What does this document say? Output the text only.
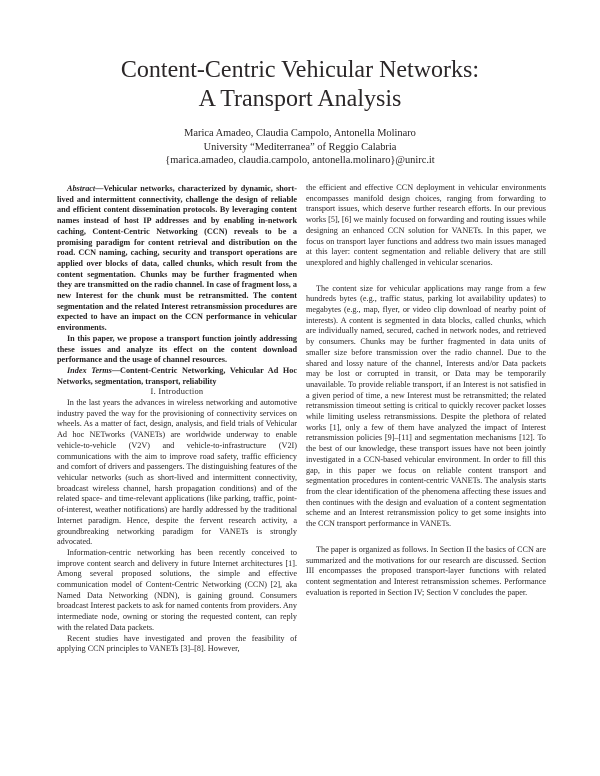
Content-Centric Vehicular Networks:
A Transport Analysis
Marica Amadeo, Claudia Campolo, Antonella Molinaro
University “Mediterranea” of Reggio Calabria
{marica.amadeo, claudia.campolo, antonella.molinaro}@unirc.it

Abstract—Vehicular networks, characterized by dynamic, short-lived and intermittent connectivity, challenge the design of reliable and efficient content dissemination protocols. By leveraging content names instead of host IP addresses and by enabling in-network caching, Content-Centric Networking (CCN) reveals to be a promising paradigm for content retrieval and distribution on the road. CCN naming, caching, security and transport operations are applied over blocks of data, called chunks, which result from the content segmentation. Chunks may be further fragmented when they are transmitted on the radio channel. In case of fragment loss, a new Interest for the chunk must be retransmitted. The content segmentation and the related Interest retransmission procedures are expected to have an impact on the CCN performance in vehicular environments.

In this paper, we propose a transport function jointly addressing these issues and analyze its effect on the content download performance and the usage of channel resources.

Index Terms—Content-Centric Networking, Vehicular Ad Hoc Networks, segmentation, transport, reliability

I. Introduction

In the last years the advances in wireless networking and automotive industry paved the way for the provisioning of connectivity services on wheels. As a matter of fact, design, analysis, and field trials of Vehicular Ad hoc NETworks (VANETs) are worldwide underway to enable vehicle-to-vehicle (V2V) and vehicle-to-infrastructure (V2I) communications with the aim to improve road safety, traffic efficiency and comfort of drivers and passengers. The distinguishing features of the vehicular networks (such as short-lived and intermittent connectivity, broadcast wireless channel, harsh propagation conditions) and of the related space- and time-relevant applications (like parking, traffic, point-of-interest, weather notifications) are hardly addressed by the traditional Internet paradigm. Hence, despite the fervent research activity, a groundbreaking networking paradigm for VANETs is strongly advocated.

Information-centric networking has been recently conceived to improve content search and delivery in future Internet architectures [1]. Among several proposed solutions, the simple and effective communication model of Content-Centric Networking (CCN) [2], aka Named Data Networking (NDN), is gaining ground. Consumers broadcast Interest packets to ask for named contents from providers. Any intermediate node, owning or storing the requested content, can reply with the related Data packets.

Recent studies have investigated and proven the feasibility of applying CCN principles to VANETs [3]–[8]. However,

the efficient and effective CCN deployment in vehicular environments encompasses manifold design choices, ranging from forwarding to transport issues, which deserve further research efforts. In our previous works [5], [6] we mainly focused on forwarding and routing issues while designing an enhanced CCN solution for VANETs. In this paper, we focus on transport layer functions and address two main issues managed at this layer: content segmentation and reliable delivery that are still unexplored and highly challenged in vehicular scenarios.

The content size for vehicular applications may range from a few hundreds bytes (e.g., traffic status, parking lot availability updates) to megabytes (e.g., map, flyer, or video clip download of nearby point of interests). A content is segmented in data blocks, called chunks, which are individually named, secured, cached in network nodes, and retrieved by consumers. Chunks may be further fragmented in data units of smaller size before transmission over the radio channel. Due to the shared and lossy nature of the channel, Interests and/or Data packets may be lost or corrupted in transit, or Data may be temporarily unavailable. To provide reliable transport, if an Interest is not satisfied in a given period of time, a new Interest must be retransmitted; the related retransmission timeout setting is critical to quickly recover packet losses while limiting useless retransmissions. Despite the plethora of related works [1], only a few of them have analyzed the impact of Interest retransmission policies [9]–[11] and segmentation mechanisms [12]. To the best of our knowledge, these transport issues have not been jointly investigated in a CCN-based vehicular environment. In order to fill this gap, in this paper we focus on reliable content transport and segmentation procedures in content-centric VANETs. The analysis starts from the clear identification of the phenomena affecting these issues and then continues with the design and evaluation of a content segmentation scheme and an Interest retransmission policy to get some insights into the CCN transport performance in VANETs.

The paper is organized as follows. In Section II the basics of CCN are summarized and the motivations for our research are discussed. Section III encompasses the proposed transport-layer functions with related content segmentation and Interest retransmission schemes. Performance evaluation is reported in Section IV; Section V concludes the paper.
